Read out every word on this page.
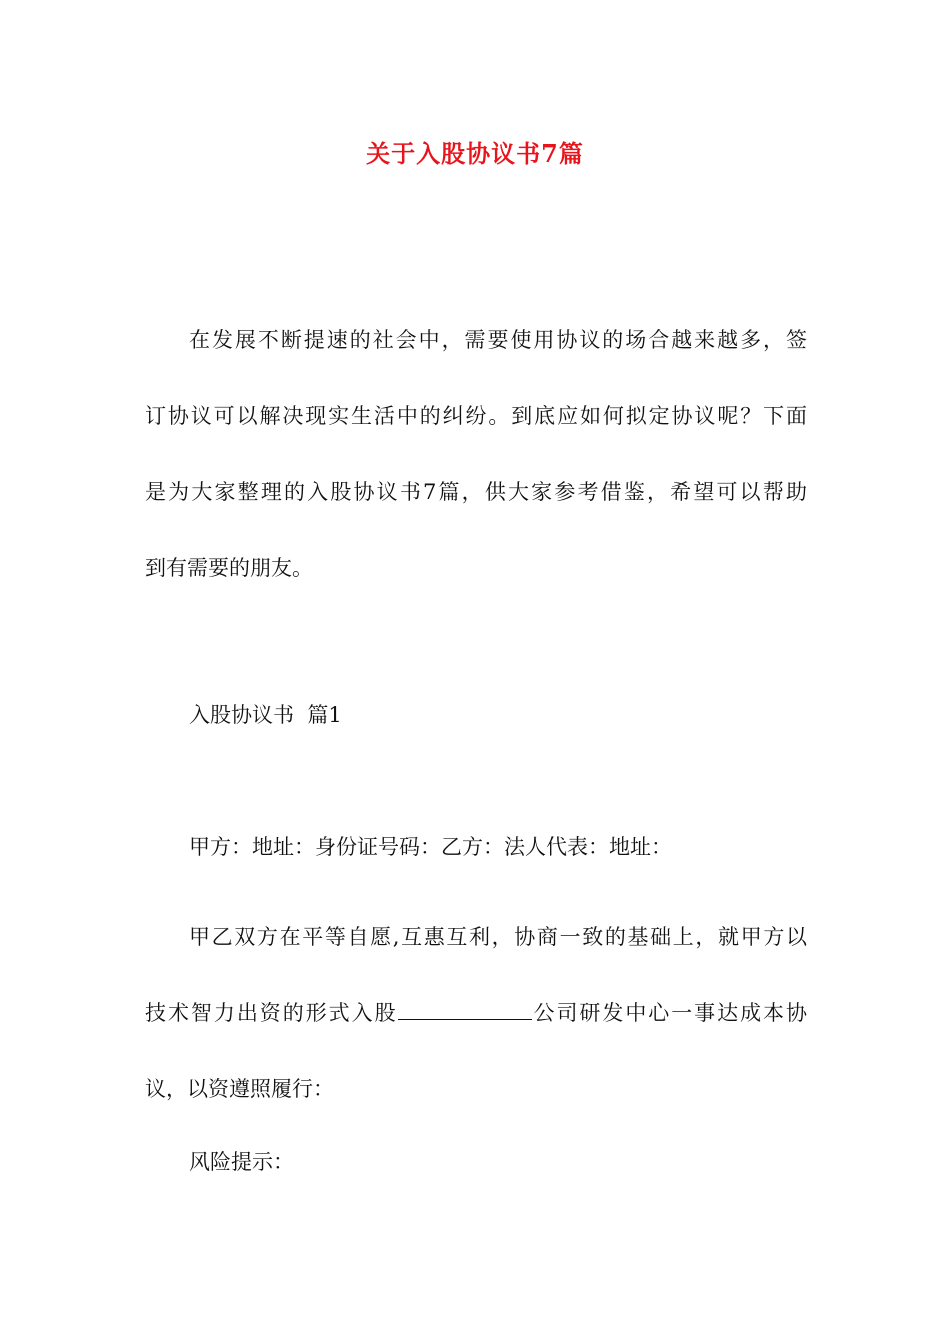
关于入股协议书7篇
在发展不断提速的社会中，需要使用协议的场合越来越多，签
订协议可以解决现实生活中的纠纷。到底应如何拟定协议呢？下面
是为大家整理的入股协议书7篇，供大家参考借鉴，希望可以帮助
到有需要的朋友。
入股协议书  篇1
甲方：地址：身份证号码：乙方：法人代表：地址：
甲乙双方在平等自愿,互惠互利，协商一致的基础上，就甲方以
技术智力出资的形式入股	公司研发中心一事达成本协
议，以资遵照履行：
风险提示：
